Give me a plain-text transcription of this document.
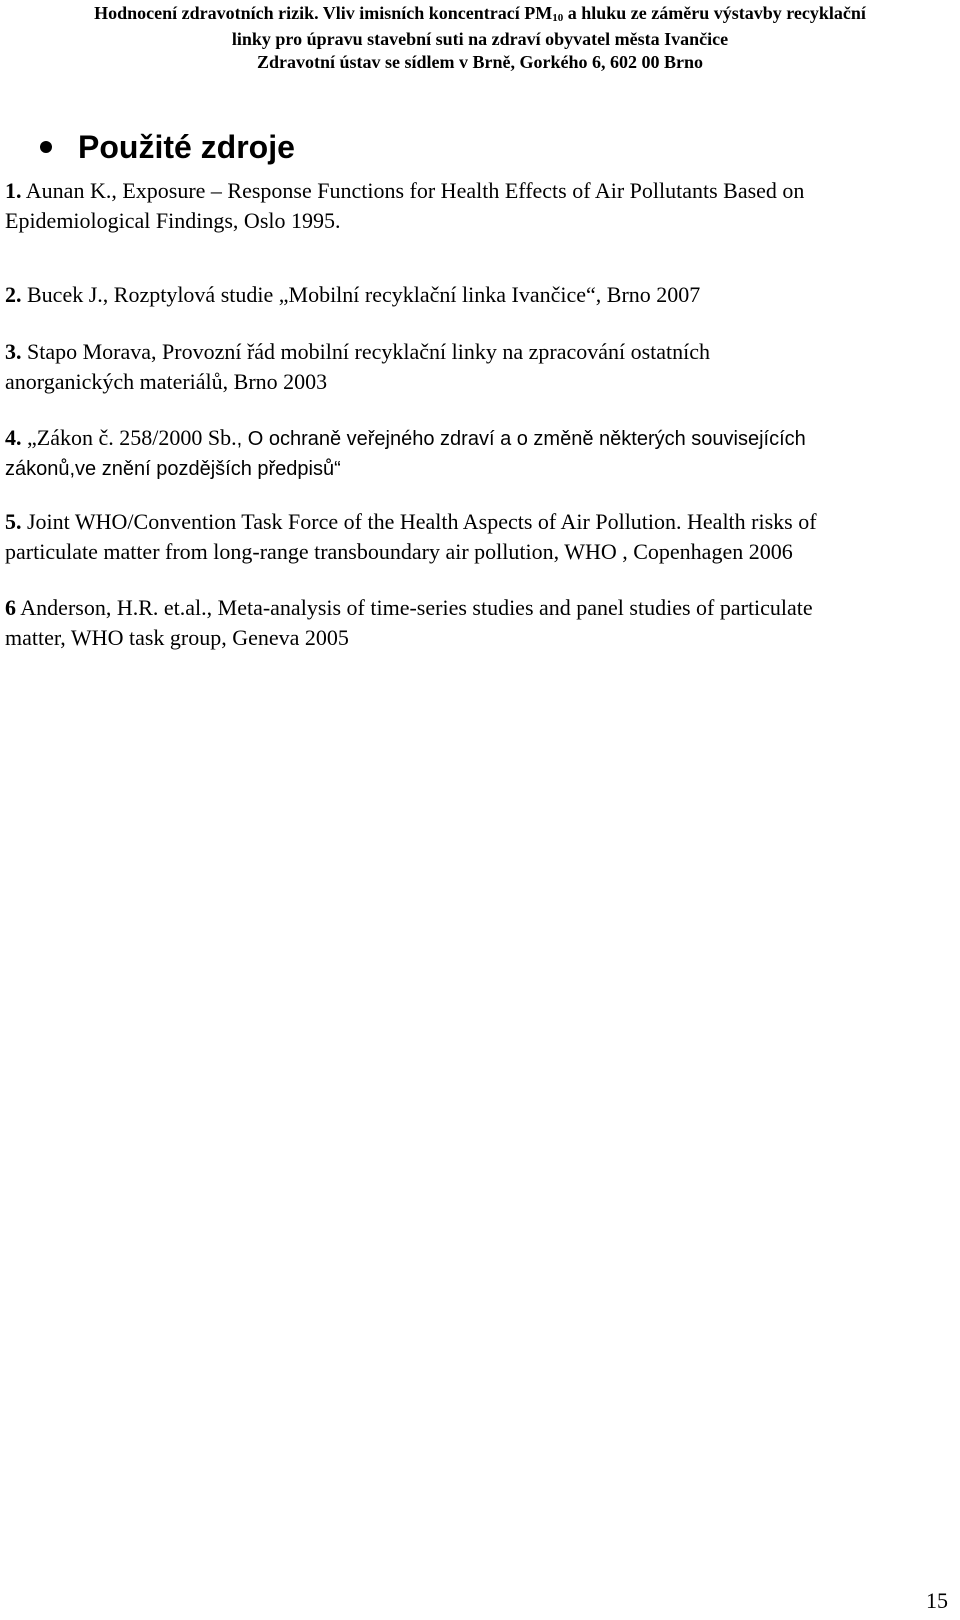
Hodnocení zdravotních rizik. Vliv imisních koncentrací $PM_{10}$ a hluku ze záměru výstavby recyklační
linky pro úpravu stavební suti na zdraví obyvatel města Ivančice
Zdravotní ústav se sídlem v Brně, Gorkého 6, 602 00 Brno
Použité zdroje
1. Aunan K., Exposure – Response Functions for Health Effects of Air Pollutants Based on
Epidemiological Findings, Oslo 1995.
2. Bucek J., Rozptylová studie „Mobilní recyklační linka Ivančice“, Brno 2007
3. Stapo Morava, Provozní řád mobilní recyklační linky na zpracování ostatních
anorganických materiálů, Brno 2003
4. „Zákon č. 258/2000 Sb., O ochraně veřejného zdraví a o změně některých souvisejících
zákonů,ve znění pozdějších předpisů“
5. Joint WHO/Convention Task Force of the Health Aspects of Air Pollution. Health risks of
particulate matter from long-range transboundary air pollution, WHO , Copenhagen 2006
6 Anderson, H.R. et.al., Meta-analysis of time-series studies and panel studies of particulate
matter, WHO task group, Geneva 2005
15
